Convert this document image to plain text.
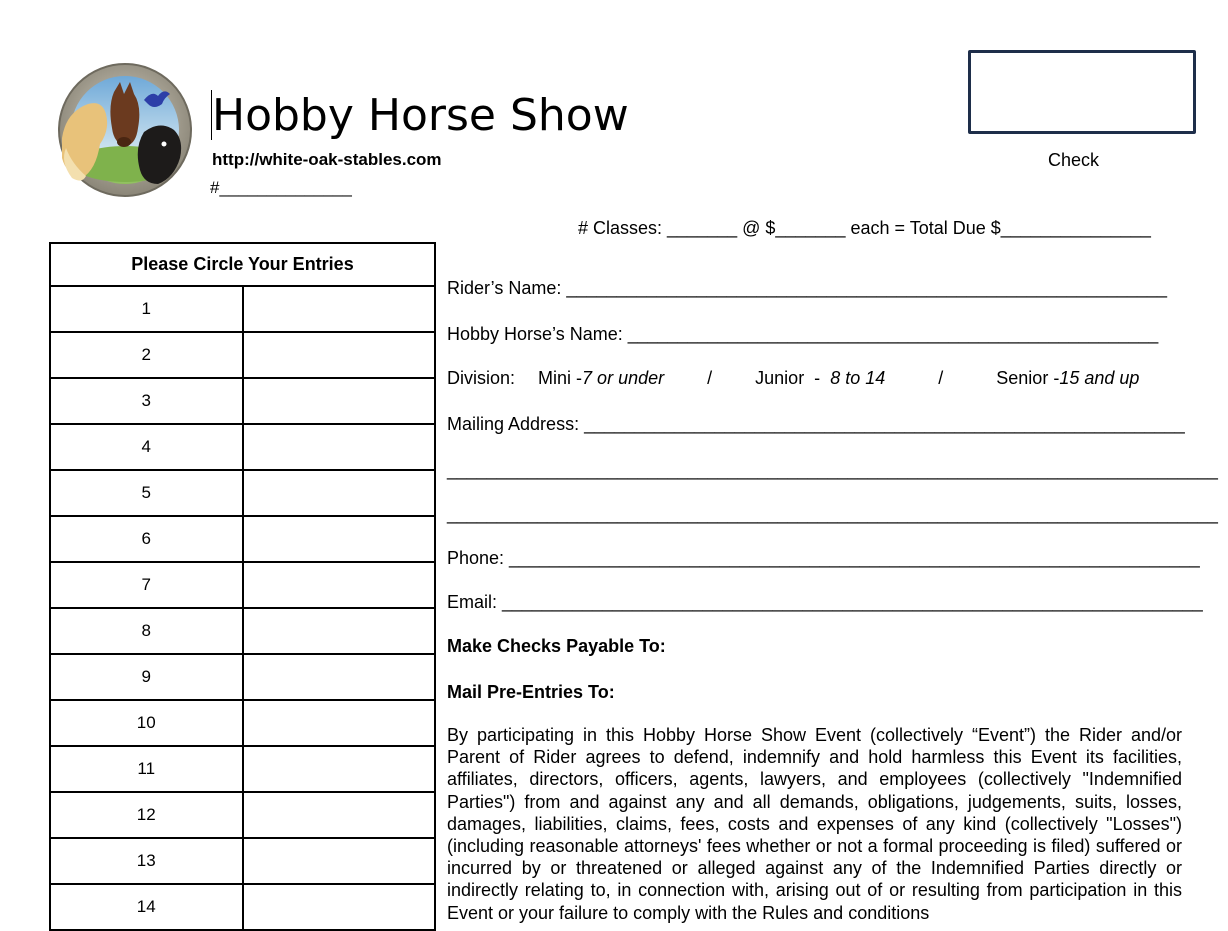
Hobby Horse Show
http://white-oak-stables.com
#______________
Check
# Classes: _______ @ $_______ each = Total Due $_______________
Please Circle Your Entries	
1	
2	
3	
4	
5	
6	
7	
8	
9	
10	
11	
12	
13	
14	
Rider’s Name: ____________________________________________________________
Hobby Horse’s Name: _____________________________________________________
Division: Mini -7 or under / Junior  -  8 to 14	/	Senior -15 and up
Mailing Address: ____________________________________________________________
_____________________________________________________________________________
_____________________________________________________________________________
Phone: _____________________________________________________________________
Email: ______________________________________________________________________
Make Checks Payable To:
Mail Pre-Entries To:

By participating in this Hobby Horse Show Event (collectively “Event”) the Rider and/or Parent of Rider agrees to defend, indemnify and hold harmless this Event its facilities, affiliates, directors, officers, agents, lawyers, and employees (collectively "Indemnified Parties") from and against any and all demands, obligations, judgements, suits, losses, damages, liabilities, claims, fees, costs and expenses of any kind (collectively "Losses") (including reasonable attorneys' fees whether or not a formal proceeding is filed) suffered or incurred by or threatened or alleged against any of the Indemnified Parties directly or indirectly relating to, in connection with, arising out of or resulting from participation in this Event or your failure to comply with the Rules and conditions
